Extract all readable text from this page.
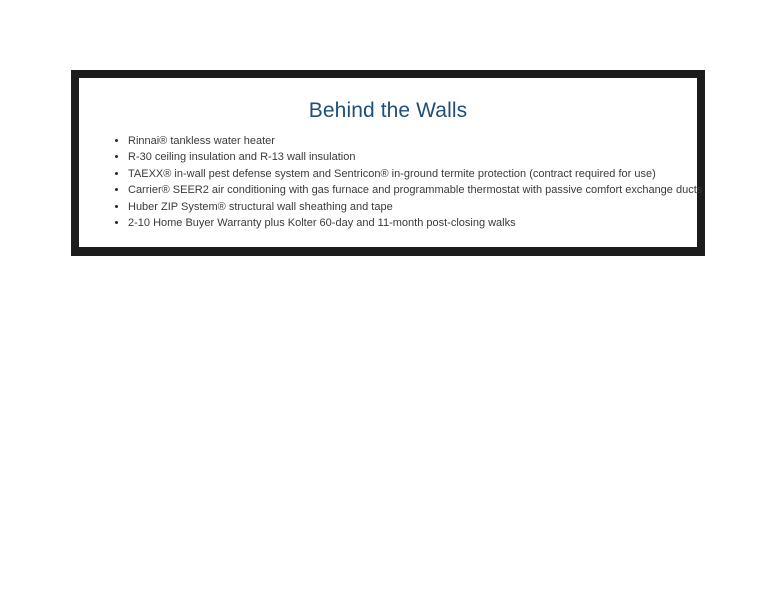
Behind the Walls
• Rinnai® tankless water heater
• R-30 ceiling insulation and R-13 wall insulation
• TAEXX® in-wall pest defense system and Sentricon® in-ground termite protection (contract required for use)
• Carrier® SEER2 air conditioning with gas furnace and programmable thermostat with passive comfort exchange ducts
• Huber ZIP System® structural wall sheathing and tape
• 2-10 Home Buyer Warranty plus Kolter 60-day and 11-month post-closing walks
